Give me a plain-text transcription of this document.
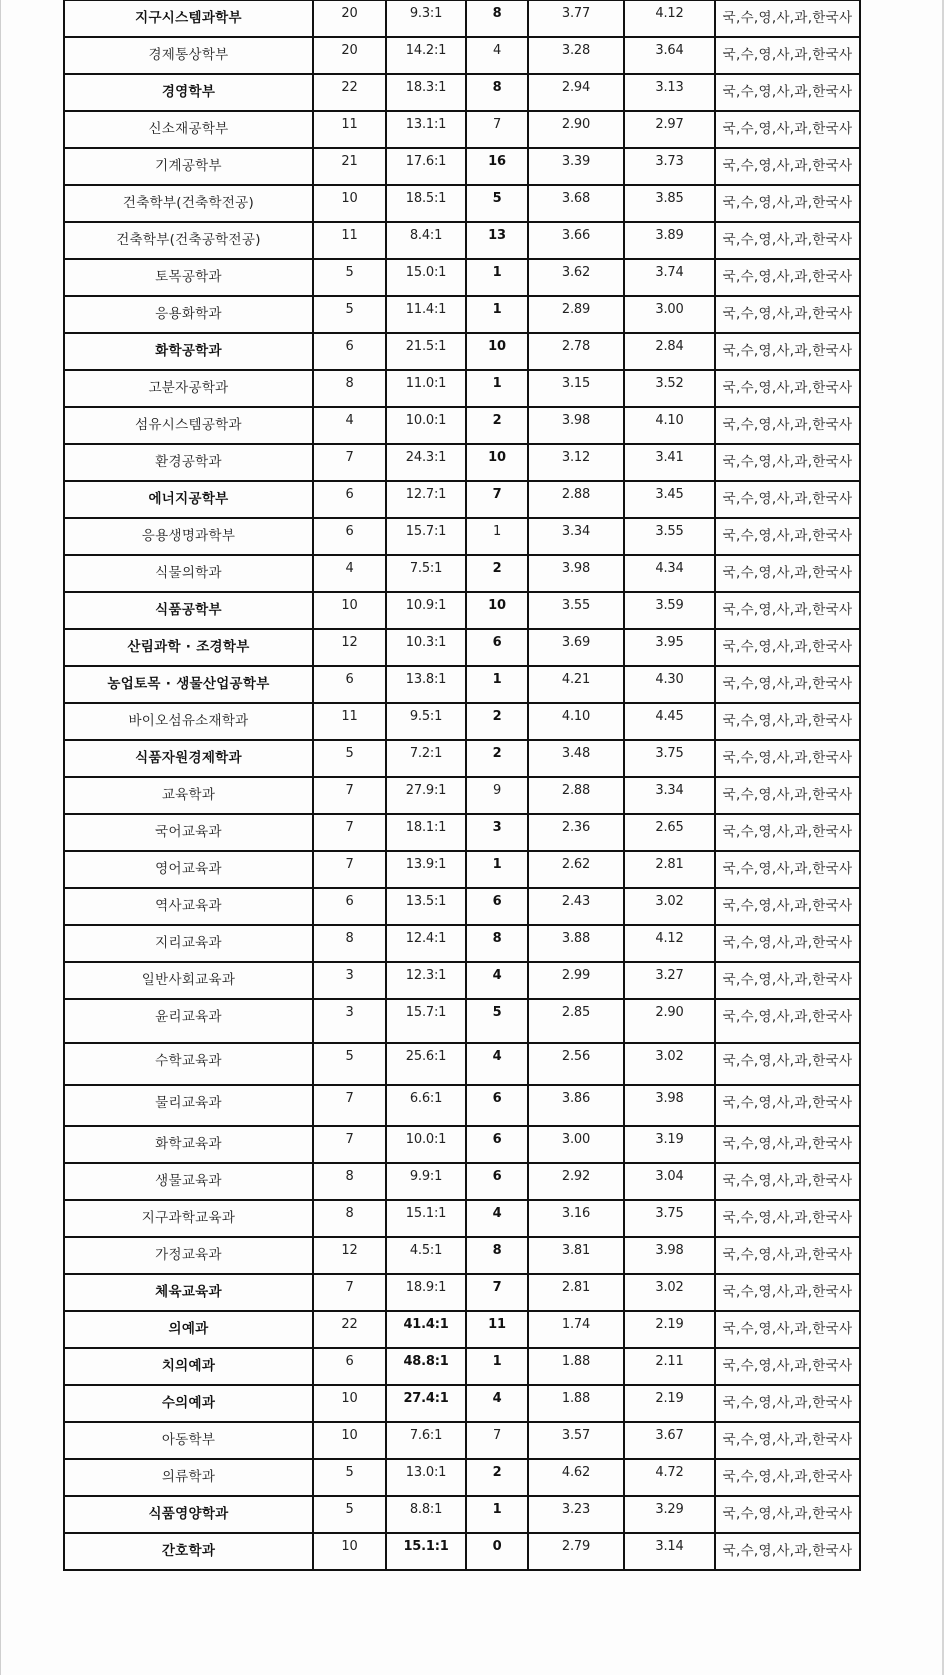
지구시스템과학부	20	9.3:1	8	3.77	4.12	국,수,영,사,과,한국사
경제통상학부	20	14.2:1	4	3.28	3.64	국,수,영,사,과,한국사
경영학부	22	18.3:1	8	2.94	3.13	국,수,영,사,과,한국사
신소재공학부	11	13.1:1	7	2.90	2.97	국,수,영,사,과,한국사
기계공학부	21	17.6:1	16	3.39	3.73	국,수,영,사,과,한국사
건축학부(건축학전공)	10	18.5:1	5	3.68	3.85	국,수,영,사,과,한국사
건축학부(건축공학전공)	11	8.4:1	13	3.66	3.89	국,수,영,사,과,한국사
토목공학과	5	15.0:1	1	3.62	3.74	국,수,영,사,과,한국사
응용화학과	5	11.4:1	1	2.89	3.00	국,수,영,사,과,한국사
화학공학과	6	21.5:1	10	2.78	2.84	국,수,영,사,과,한국사
고분자공학과	8	11.0:1	1	3.15	3.52	국,수,영,사,과,한국사
섬유시스템공학과	4	10.0:1	2	3.98	4.10	국,수,영,사,과,한국사
환경공학과	7	24.3:1	10	3.12	3.41	국,수,영,사,과,한국사
에너지공학부	6	12.7:1	7	2.88	3.45	국,수,영,사,과,한국사
응용생명과학부	6	15.7:1	1	3.34	3.55	국,수,영,사,과,한국사
식물의학과	4	7.5:1	2	3.98	4.34	국,수,영,사,과,한국사
식품공학부	10	10.9:1	10	3.55	3.59	국,수,영,사,과,한국사
산림과학 · 조경학부	12	10.3:1	6	3.69	3.95	국,수,영,사,과,한국사
농업토목 · 생물산업공학부	6	13.8:1	1	4.21	4.30	국,수,영,사,과,한국사
바이오섬유소재학과	11	9.5:1	2	4.10	4.45	국,수,영,사,과,한국사
식품자원경제학과	5	7.2:1	2	3.48	3.75	국,수,영,사,과,한국사
교육학과	7	27.9:1	9	2.88	3.34	국,수,영,사,과,한국사
국어교육과	7	18.1:1	3	2.36	2.65	국,수,영,사,과,한국사
영어교육과	7	13.9:1	1	2.62	2.81	국,수,영,사,과,한국사
역사교육과	6	13.5:1	6	2.43	3.02	국,수,영,사,과,한국사
지리교육과	8	12.4:1	8	3.88	4.12	국,수,영,사,과,한국사
일반사회교육과	3	12.3:1	4	2.99	3.27	국,수,영,사,과,한국사
윤리교육과	3	15.7:1	5	2.85	2.90	국,수,영,사,과,한국사
수학교육과	5	25.6:1	4	2.56	3.02	국,수,영,사,과,한국사
물리교육과	7	6.6:1	6	3.86	3.98	국,수,영,사,과,한국사
화학교육과	7	10.0:1	6	3.00	3.19	국,수,영,사,과,한국사
생물교육과	8	9.9:1	6	2.92	3.04	국,수,영,사,과,한국사
지구과학교육과	8	15.1:1	4	3.16	3.75	국,수,영,사,과,한국사
가정교육과	12	4.5:1	8	3.81	3.98	국,수,영,사,과,한국사
체육교육과	7	18.9:1	7	2.81	3.02	국,수,영,사,과,한국사
의예과	22	41.4:1	11	1.74	2.19	국,수,영,사,과,한국사
치의예과	6	48.8:1	1	1.88	2.11	국,수,영,사,과,한국사
수의예과	10	27.4:1	4	1.88	2.19	국,수,영,사,과,한국사
아동학부	10	7.6:1	7	3.57	3.67	국,수,영,사,과,한국사
의류학과	5	13.0:1	2	4.62	4.72	국,수,영,사,과,한국사
식품영양학과	5	8.8:1	1	3.23	3.29	국,수,영,사,과,한국사
간호학과	10	15.1:1	0	2.79	3.14	국,수,영,사,과,한국사
